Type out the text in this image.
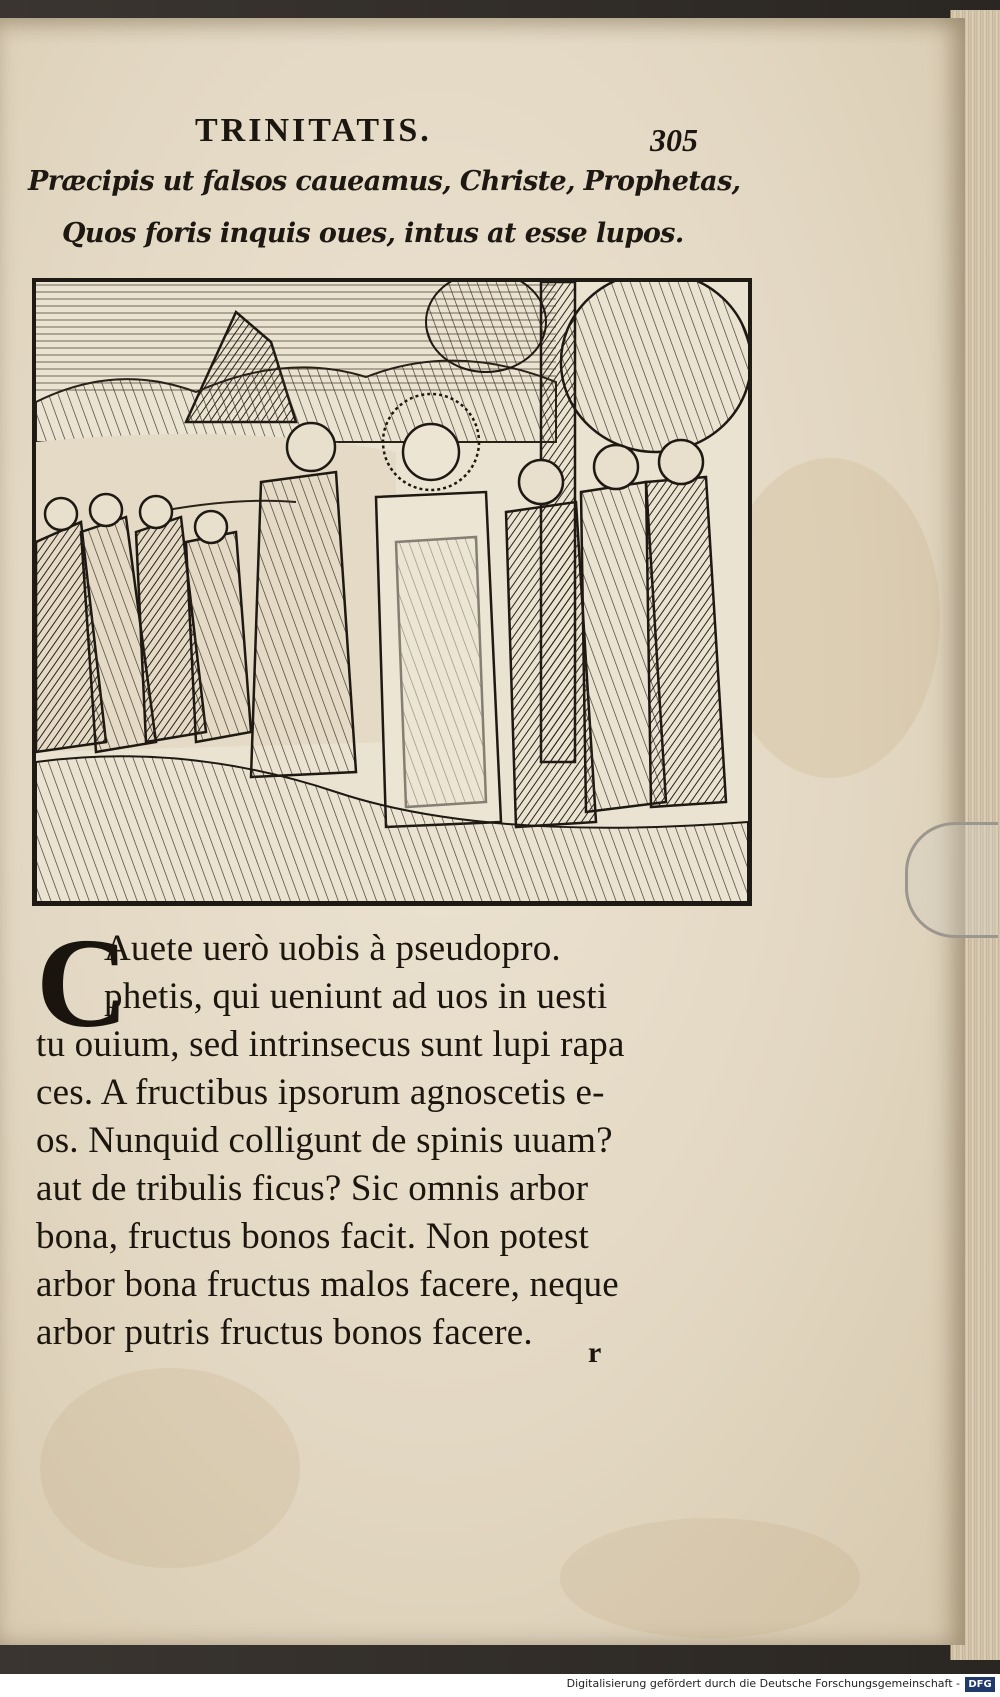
TRINITATIS.	305
Præcipis ut falsos caueamus, Christe, Prophetas,
Quos foris inquis oues, intus at esse lupos.
C
Auete uerò uobis à pseudopro.
phetis, qui ueniunt ad uos in uesti
tu ouium, sed intrinsecus sunt lupi rapa
ces. A fructibus ipsorum agnoscetis e-
os. Nunquid colligunt de spinis uuam?
aut de tribulis ficus? Sic omnis arbor
bona, fructus bonos facit. Non potest
arbor bona fructus malos facere, neque
arbor putris fructus bonos facere. r
Digitalisierung gefördert durch die Deutsche Forschungsgemeinschaft - DFG
